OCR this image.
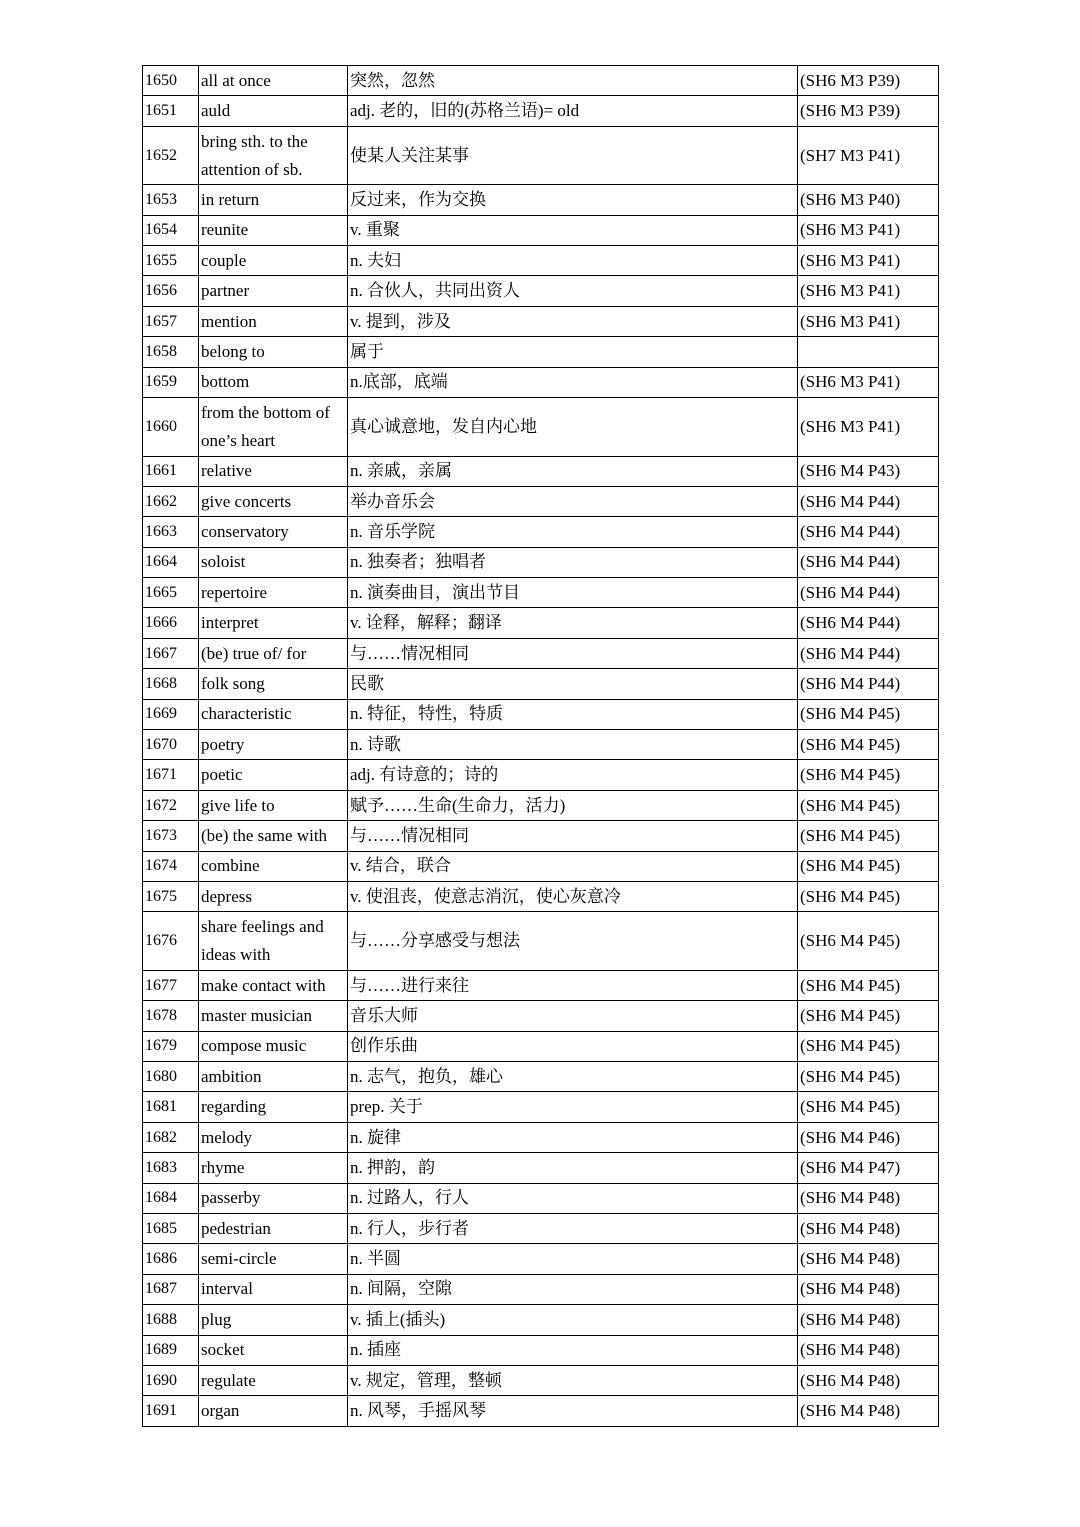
1650	all at once	突然，忽然	(SH6 M3 P39)
1651	auld	adj. 老的，旧的(苏格兰语)= old	(SH6 M3 P39)
1652	bring sth. to the attention of sb.	使某人关注某事	(SH7 M3 P41)
1653	in return	反过来，作为交换	(SH6 M3 P40)
1654	reunite	v. 重聚	(SH6 M3 P41)
1655	couple	n. 夫妇	(SH6 M3 P41)
1656	partner	n. 合伙人，共同出资人	(SH6 M3 P41)
1657	mention	v. 提到，涉及	(SH6 M3 P41)
1658	belong to	属于	
1659	bottom	n.底部，底端	(SH6 M3 P41)
1660	from the bottom of one’s heart	真心诚意地，发自内心地	(SH6 M3 P41)
1661	relative	n. 亲戚，亲属	(SH6 M4 P43)
1662	give concerts	举办音乐会	(SH6 M4 P44)
1663	conservatory	n. 音乐学院	(SH6 M4 P44)
1664	soloist	n. 独奏者；独唱者	(SH6 M4 P44)
1665	repertoire	n. 演奏曲目，演出节目	(SH6 M4 P44)
1666	interpret	v. 诠释，解释；翻译	(SH6 M4 P44)
1667	(be) true of/ for	与……情况相同	(SH6 M4 P44)
1668	folk song	民歌	(SH6 M4 P44)
1669	characteristic	n. 特征，特性，特质	(SH6 M4 P45)
1670	poetry	n. 诗歌	(SH6 M4 P45)
1671	poetic	adj. 有诗意的；诗的	(SH6 M4 P45)
1672	give life to	赋予……生命(生命力，活力)	(SH6 M4 P45)
1673	(be) the same with	与……情况相同	(SH6 M4 P45)
1674	combine	v. 结合，联合	(SH6 M4 P45)
1675	depress	v. 使沮丧，使意志消沉，使心灰意冷	(SH6 M4 P45)
1676	share feelings and ideas with	与……分享感受与想法	(SH6 M4 P45)
1677	make contact with	与……进行来往	(SH6 M4 P45)
1678	master musician	音乐大师	(SH6 M4 P45)
1679	compose music	创作乐曲	(SH6 M4 P45)
1680	ambition	n. 志气，抱负，雄心	(SH6 M4 P45)
1681	regarding	prep. 关于	(SH6 M4 P45)
1682	melody	n. 旋律	(SH6 M4 P46)
1683	rhyme	n. 押韵，韵	(SH6 M4 P47)
1684	passerby	n. 过路人，行人	(SH6 M4 P48)
1685	pedestrian	n. 行人，步行者	(SH6 M4 P48)
1686	semi-circle	n. 半圆	(SH6 M4 P48)
1687	interval	n. 间隔，空隙	(SH6 M4 P48)
1688	plug	v. 插上(插头)	(SH6 M4 P48)
1689	socket	n. 插座	(SH6 M4 P48)
1690	regulate	v. 规定，管理，整顿	(SH6 M4 P48)
1691	organ	n. 风琴，手摇风琴	(SH6 M4 P48)
